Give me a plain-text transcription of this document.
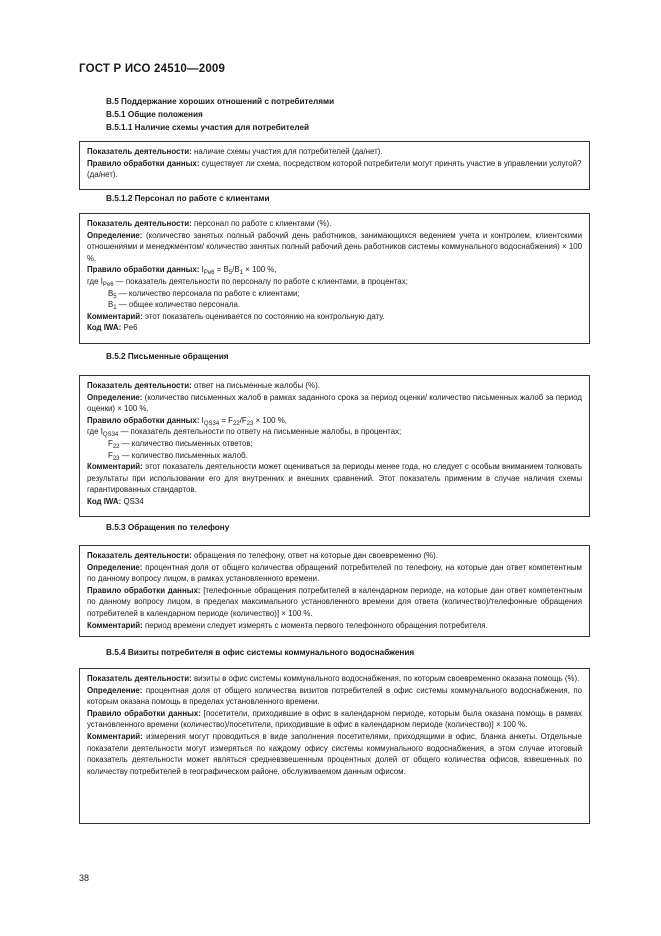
ГОСТ Р ИСО 24510—2009
B.5 Поддержание хороших отношений с потребителями
B.5.1 Общие положения
B.5.1.1 Наличие схемы участия для потребителей

Показатель деятельности: наличие схемы участия для потребителей (да/нет).

Правило обработки данных: существует ли схема, посредством которой потребители могут принять участие в управлении услугой? (да/нет).

B.5.1.2 Персонал по работе с клиентами

Показатель деятельности: персонал по работе с клиентами (%).

Определение: (количество занятых полный рабочий день работников, занимающихся ведением учета и контролем, клиентскими отношениями и менеджментом/ количество занятых полный рабочий день работников системы коммунального водоснабжения) × 100 %.

Правило обработки данных: $I_{Pe6} = B_5/B_1 \times 100$ %,

где $I_{Pe6}$ — показатель деятельности по персоналу по работе с клиентами, в процентах;

$B_5$ — количество персонала по работе с клиентами;

$B_1$ — общее количество персонала.

Комментарий: этот показатель оценивается по состоянию на контрольную дату.

Код IWA: Pe6

B.5.2 Письменные обращения

Показатель деятельности: ответ на письменные жалобы (%).

Определение: (количество письменных жалоб в рамках заданного срока за период оценки/ количество письменных жалоб за период оценки) × 100 %.

Правило обработки данных: $I_{QS34} = F_{22}/F_{23} \times 100$ %,

где $I_{QS34}$ — показатель деятельности по ответу на письменные жалобы, в процентах;

$F_{22}$ — количество письменных ответов;

$F_{23}$ — количество письменных жалоб.

Комментарий: этот показатель деятельности может оцениваться за периоды менее года, но следует с особым вниманием толковать результаты при использовании его для внутренних и внешних сравнений. Этот показатель применим в случае наличия схемы гарантированных стандартов.

Код IWA: QS34

B.5.3 Обращения по телефону

Показатель деятельности: обращения по телефону, ответ на которые дан своевременно (%).

Определение: процентная доля от общего количества обращений потребителей по телефону, на которые дан ответ компетентным по данному вопросу лицом, в рамках установленного времени.

Правило обработки данных: [телефонные обращения потребителей в календарном периоде, на которые дан ответ компетентным по данному вопросу лицом, в пределах максимального установленного времени для ответа (количество)/телефонные обращения потребителей в календарном периоде (количество)] × 100 %.

Комментарий: период времени следует измерять с момента первого телефонного обращения потребителя.

B.5.4 Визиты потребителя в офис системы коммунального водоснабжения

Показатель деятельности: визиты в офис системы коммунального водоснабжения, по которым своевременно оказана помощь (%).

Определение: процентная доля от общего количества визитов потребителей в офис системы коммунального водоснабжения, по которым оказана помощь в пределах установленного времени.

Правило обработки данных: [посетители, приходившие в офис в календарном периоде, которым была оказана помощь в рамках установленного времени (количество)/посетители, приходившие в офис в календарном периоде (количество)] × 100 %.

Комментарий: измерения могут проводиться в виде заполнения посетителями, приходящими в офис, бланка анкеты. Отдельные показатели деятельности могут измеряться по каждому офису системы коммунального водоснабжения, в этом случае итоговый показатель деятельности может являться средневзвешенным процентных долей от общего количества офисов, взвешенных по количеству потребителей в географическом районе, обслуживаемом данным офисом.

38
